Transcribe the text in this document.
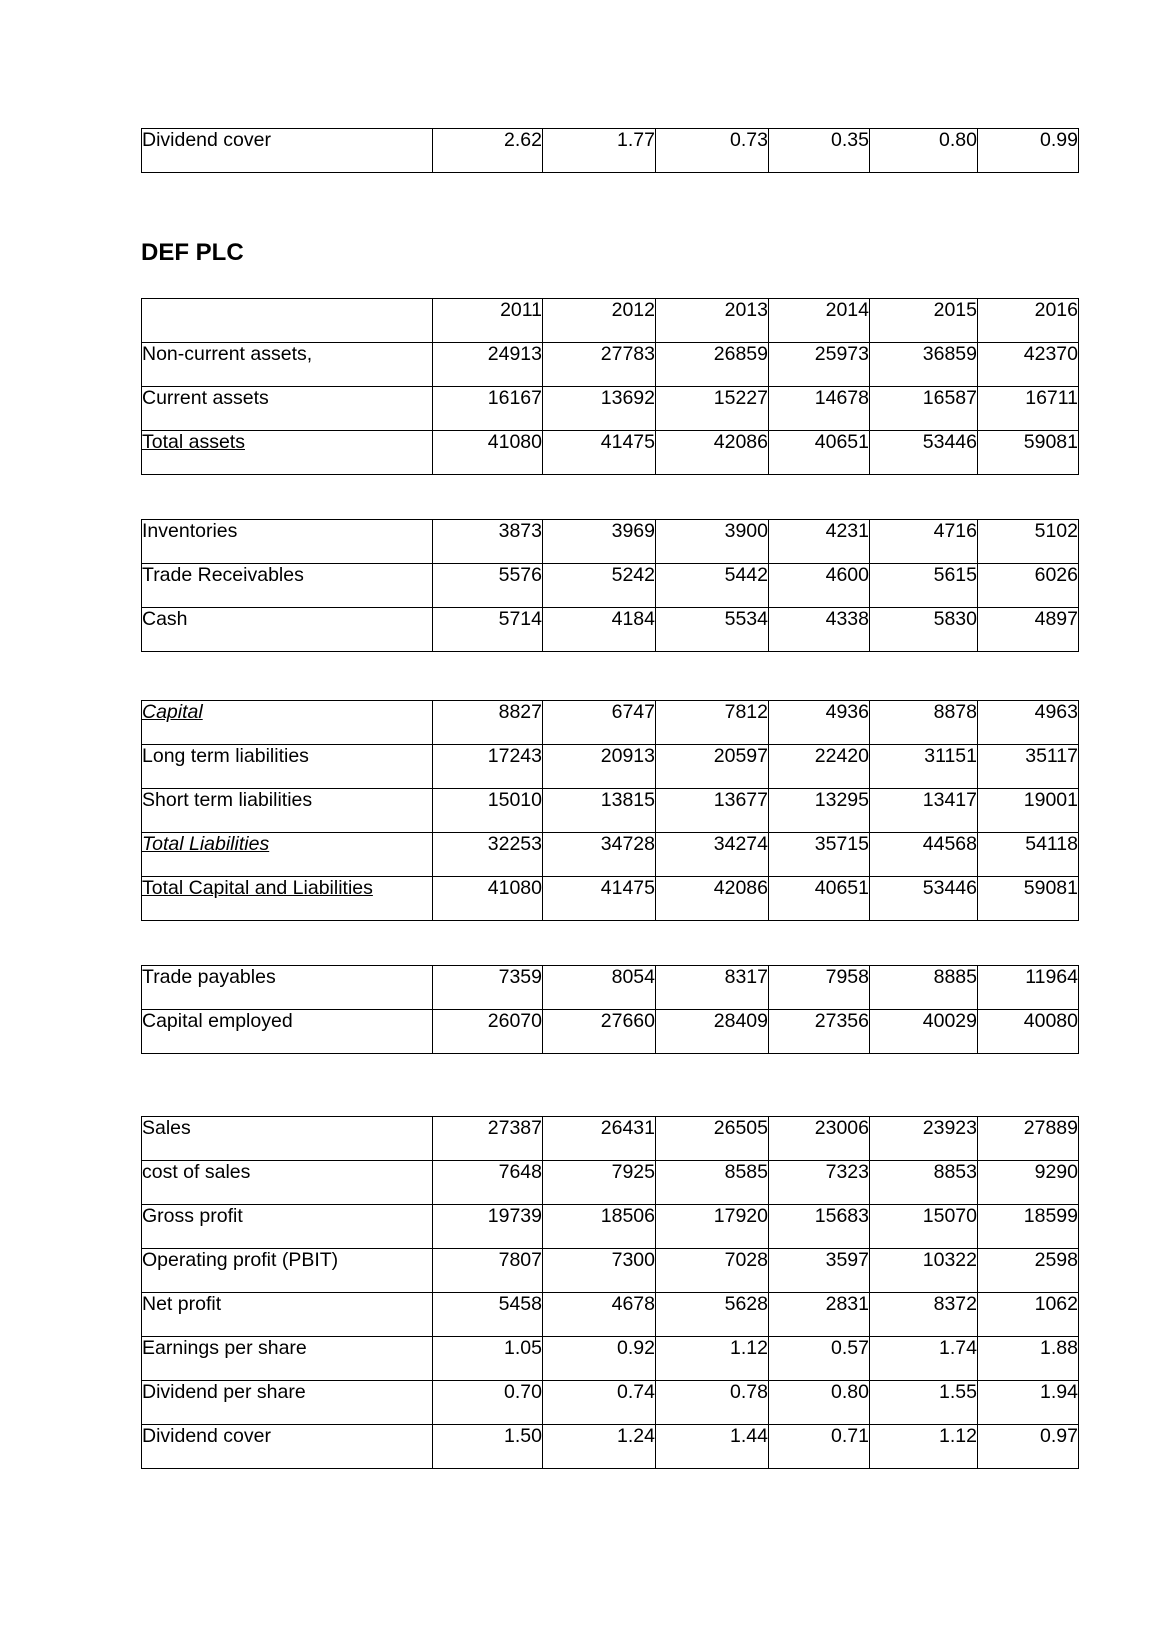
Dividend cover	2.62	1.77	0.73	0.35	0.80	0.99
DEF PLC
	2011	2012	2013	2014	2015	2016
Non-current assets,	24913	27783	26859	25973	36859	42370
Current assets	16167	13692	15227	14678	16587	16711
Total assets	41080	41475	42086	40651	53446	59081
Inventories	3873	3969	3900	4231	4716	5102
Trade Receivables	5576	5242	5442	4600	5615	6026
Cash	5714	4184	5534	4338	5830	4897
Capital	8827	6747	7812	4936	8878	4963
Long term liabilities	17243	20913	20597	22420	31151	35117
Short term liabilities	15010	13815	13677	13295	13417	19001
Total Liabilities	32253	34728	34274	35715	44568	54118
Total Capital and Liabilities	41080	41475	42086	40651	53446	59081
Trade payables	7359	8054	8317	7958	8885	11964
Capital employed	26070	27660	28409	27356	40029	40080
Sales	27387	26431	26505	23006	23923	27889
cost of sales	7648	7925	8585	7323	8853	9290
Gross profit	19739	18506	17920	15683	15070	18599
Operating profit (PBIT)	7807	7300	7028	3597	10322	2598
Net profit	5458	4678	5628	2831	8372	1062
Earnings per share	1.05	0.92	1.12	0.57	1.74	1.88
Dividend per share	0.70	0.74	0.78	0.80	1.55	1.94
Dividend cover	1.50	1.24	1.44	0.71	1.12	0.97
